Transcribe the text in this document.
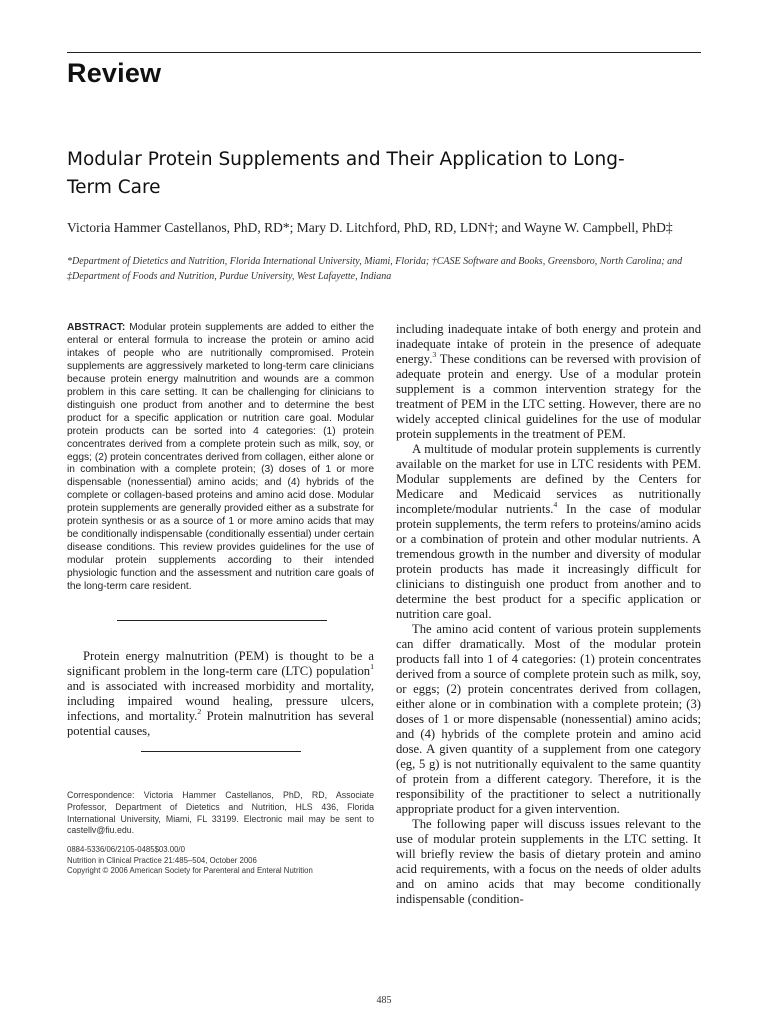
Review
Modular Protein Supplements and Their Application to Long-Term Care

Victoria Hammer Castellanos, PhD, RD*; Mary D. Litchford, PhD, RD, LDN†; and Wayne W. Campbell, PhD‡

*Department of Dietetics and Nutrition, Florida International University, Miami, Florida; †CASE Software and Books, Greensboro, North Carolina; and ‡Department of Foods and Nutrition, Purdue University, West Lafayette, Indiana

ABSTRACT: Modular protein supplements are added to either the enteral or enteral formula to increase the protein or amino acid intakes of people who are nutritionally compromised. Protein supplements are aggressively marketed to long-term care clinicians because protein energy malnutrition and wounds are a common problem in this care setting. It can be challenging for clinicians to distinguish one product from another and to determine the best product for a specific application or nutrition care goal. Modular protein products can be sorted into 4 categories: (1) protein concentrates derived from a complete protein such as milk, soy, or eggs; (2) protein concentrates derived from collagen, either alone or in combination with a complete protein; (3) doses of 1 or more dispensable (nonessential) amino acids; and (4) hybrids of the complete or collagen-based proteins and amino acid dose. Modular protein supplements are generally provided either as a substrate for protein synthesis or as a source of 1 or more amino acids that may be conditionally indispensable (conditionally essential) under certain disease conditions. This review provides guidelines for the use of modular protein supplements according to their intended physiologic function and the assessment and nutrition care goals of the long-term care resident.

Protein energy malnutrition (PEM) is thought to be a significant problem in the long-term care (LTC) population$^1$ and is associated with increased morbidity and mortality, including impaired wound healing, pressure ulcers, infections, and mortality.$^2$ Protein malnutrition has several potential causes,

Correspondence: Victoria Hammer Castellanos, PhD, RD, Associate Professor, Department of Dietetics and Nutrition, HLS 436, Florida International University, Miami, FL 33199. Electronic mail may be sent to castellv@fiu.edu.

0884-5336/06/2105-0485$03.00/0
Nutrition in Clinical Practice 21:485–504, October 2006
Copyright © 2006 American Society for Parenteral and Enteral Nutrition

including inadequate intake of both energy and protein and inadequate intake of protein in the presence of adequate energy.$^3$ These conditions can be reversed with provision of adequate protein and energy. Use of a modular protein supplement is a common intervention strategy for the treatment of PEM in the LTC setting. However, there are no widely accepted clinical guidelines for the use of modular protein supplements in the treatment of PEM.

A multitude of modular protein supplements is currently available on the market for use in LTC residents with PEM. Modular supplements are defined by the Centers for Medicare and Medicaid services as nutritionally incomplete/modular nutrients.$^4$ In the case of modular protein supplements, the term refers to proteins/amino acids or a combination of protein and other modular nutrients. A tremendous growth in the number and diversity of modular protein products has made it increasingly difficult for clinicians to distinguish one product from another and to determine the best product for a specific application or nutrition care goal.

The amino acid content of various protein supplements can differ dramatically. Most of the modular protein products fall into 1 of 4 categories: (1) protein concentrates derived from a source of complete protein such as milk, soy, or eggs; (2) protein concentrates derived from collagen, either alone or in combination with a complete protein; (3) doses of 1 or more dispensable (nonessential) amino acids; and (4) hybrids of the complete protein and amino acid dose. A given quantity of a supplement from one category (eg, 5 g) is not nutritionally equivalent to the same quantity of protein from a different category. Therefore, it is the responsibility of the practitioner to select a nutritionally appropriate product for a given intervention.

The following paper will discuss issues relevant to the use of modular protein supplements in the LTC setting. It will briefly review the basis of dietary protein and amino acid requirements, with a focus on the needs of older adults and on amino acids that may become conditionally indispensable (condition-

485
